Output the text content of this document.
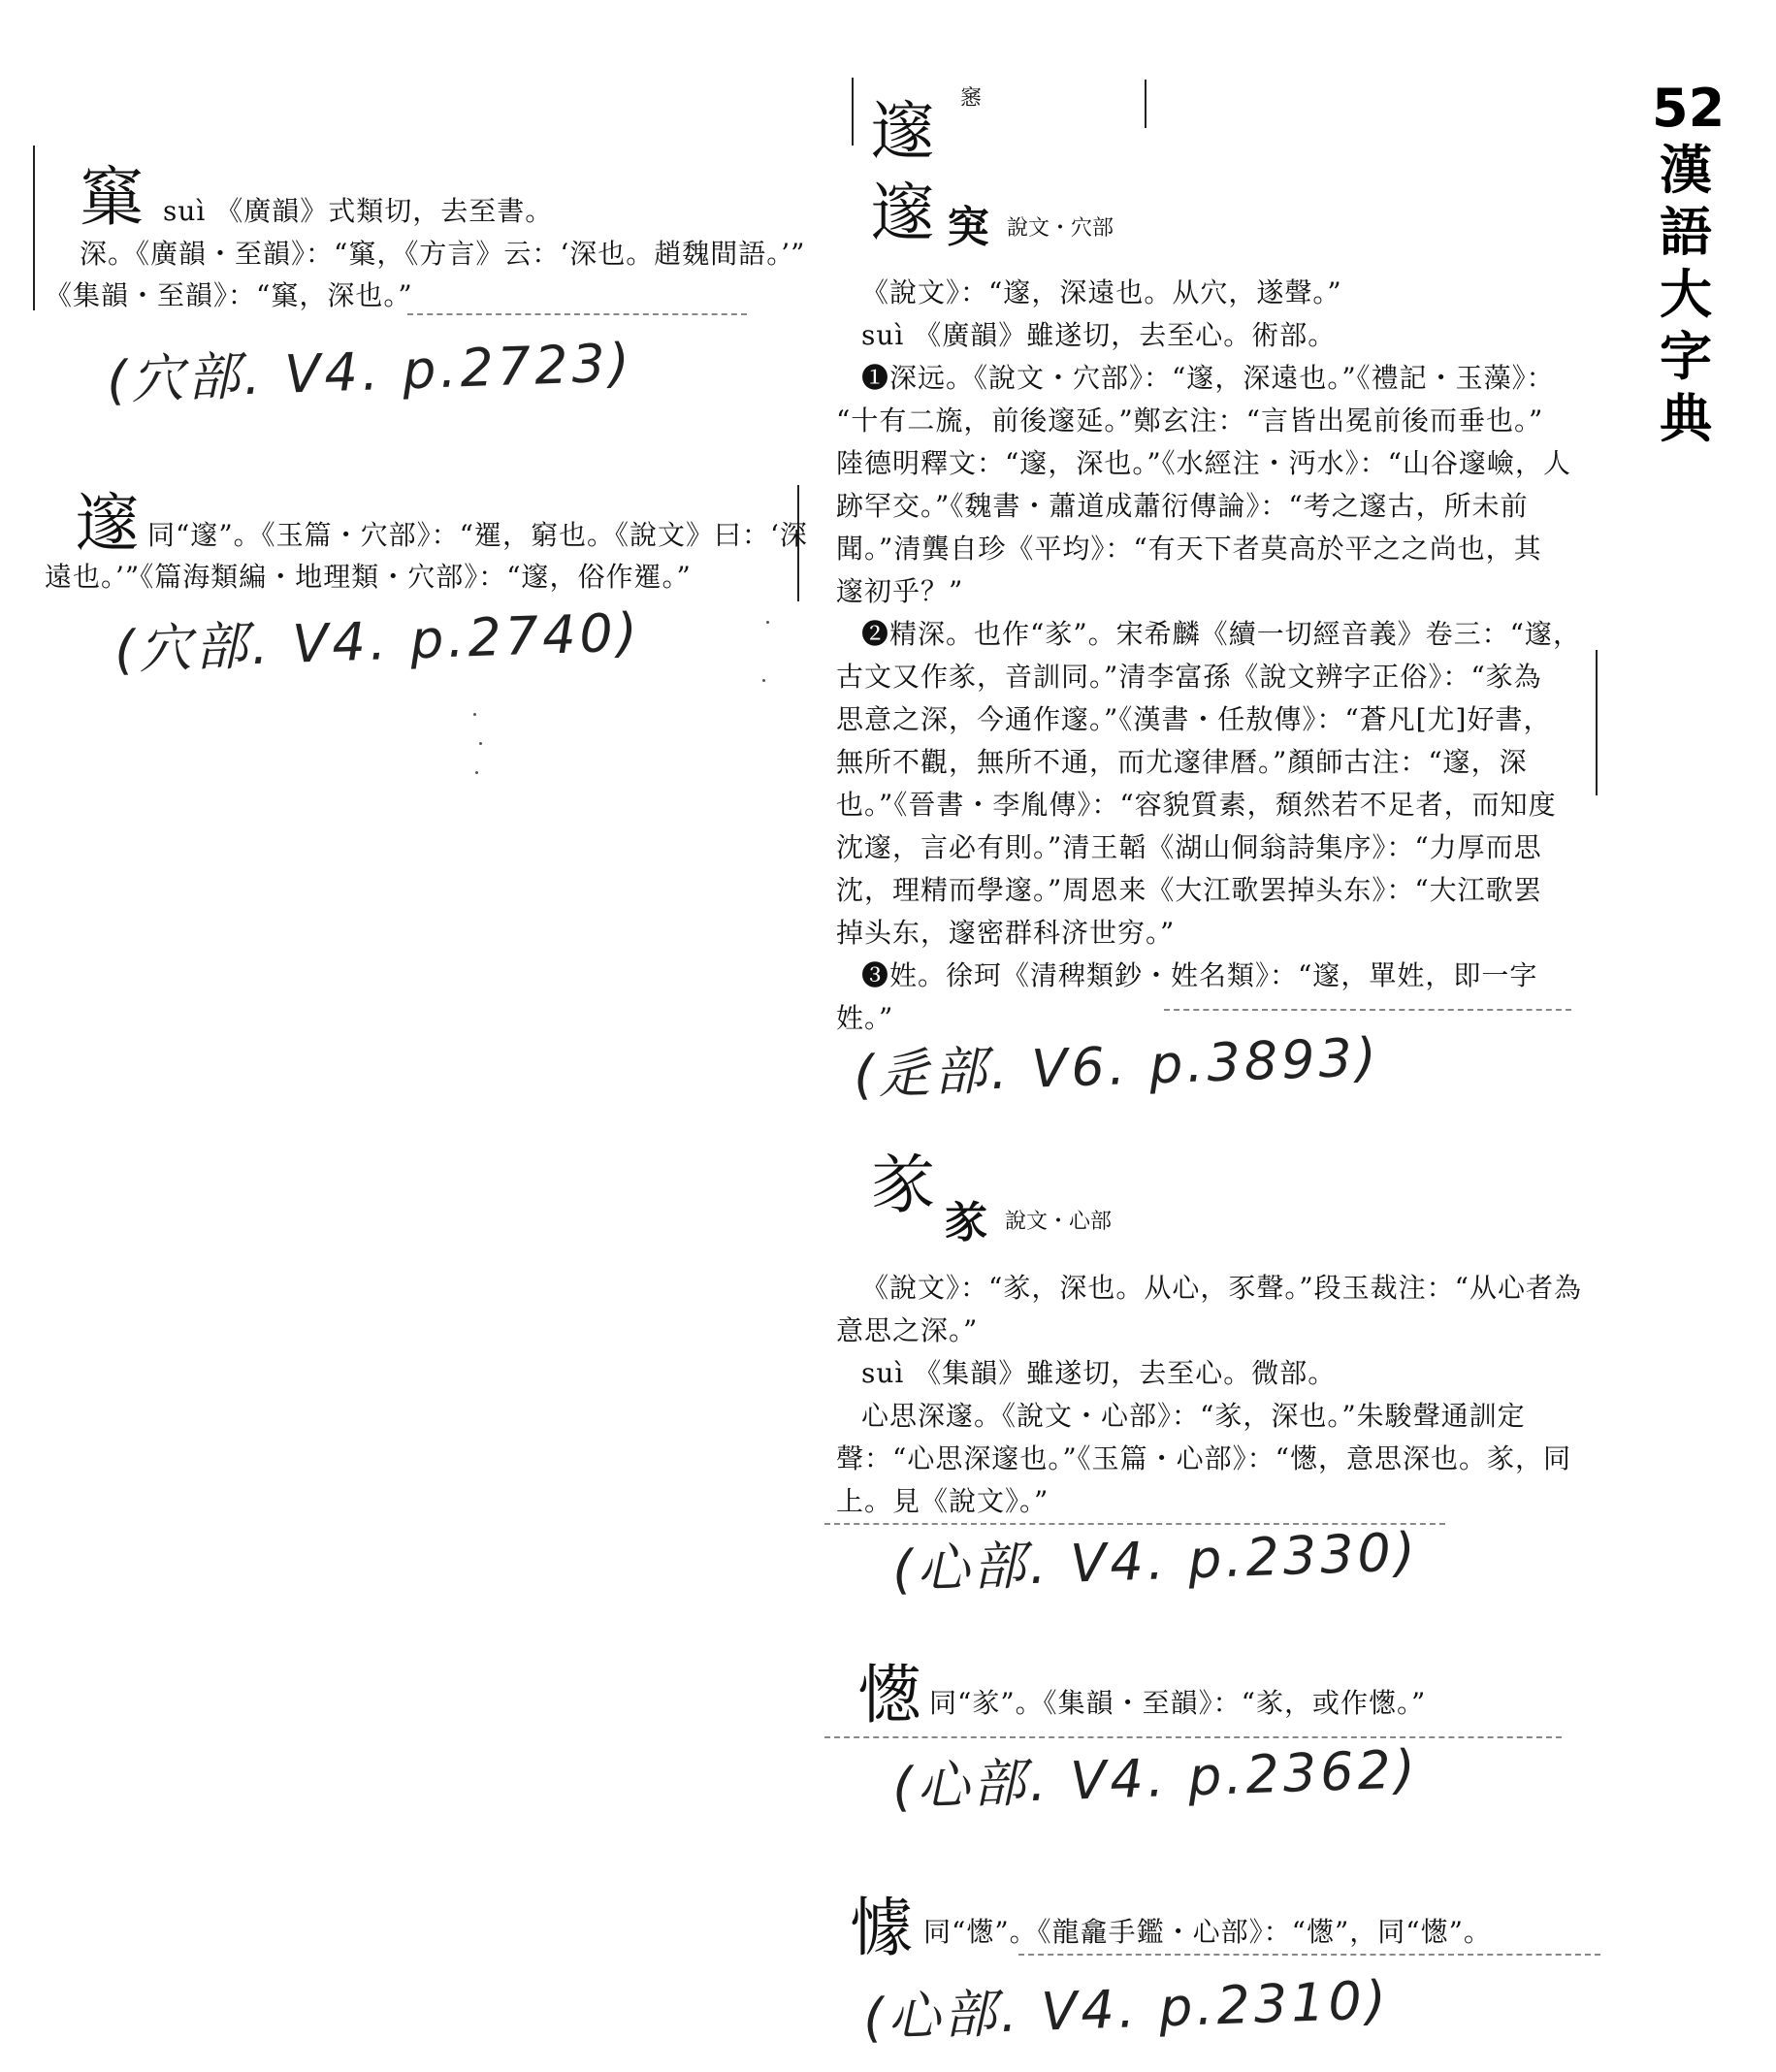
52
漢
語
大
字
典
窼 suì 《廣韻》式類切，去至書。
深。《廣韻・至韻》：“窼，《方言》云：‘深也。趙魏間語。’”
《集韻・至韻》：“窼，深也。”
(穴部. V4. p.2723)
邃 同“邃”。《玉篇・穴部》：“𨗴，窮也。《說文》曰：‘深
遠也。’”《篇海類編・地理類・穴部》：“邃，俗作𨗴。”
(穴部. V4. p.2740)
邃 窸
邃 䆕 說文・穴部
《說文》：“邃，深遠也。从穴，遂聲。”
suì 《廣韻》雖遂切，去至心。術部。
❶深远。《說文・穴部》：“邃，深遠也。”《禮記・玉藻》：
“十有二旒，前後邃延。”鄭玄注：“言皆出冕前後而垂也。”
陸德明釋文：“邃，深也。”《水經注・沔水》：“山谷邃嶮，人
跡罕交。”《魏書・蕭道成蕭衍傳論》：“考之邃古，所未前
聞。”清龔自珍《平均》：“有天下者莫高於平之之尚也，其
邃初乎？”
❷精深。也作“㒸”。宋希麟《續一切經音義》卷三：“邃，
古文又作㒸，音訓同。”清李富孫《說文辨字正俗》：“㒸為
思意之深，今通作邃。”《漢書・任敖傳》：“蒼凡[尤]好書，
無所不觀，無所不通，而尤邃律曆。”顏師古注：“邃，深
也。”《晉書・李胤傳》：“容貌質素，頹然若不足者，而知度
沈邃，言必有則。”清王韜《湖山侗翁詩集序》：“力厚而思
沈，理精而學邃。”周恩来《大江歌罢掉头东》：“大江歌罢
掉头东，邃密群科济世穷。”
❸姓。徐珂《清稗類鈔・姓名類》：“邃，單姓，即一字
姓。”
(辵部. V6. p.3893)
㒸
㒸 說文・心部
《說文》：“㒸，深也。从心，豕聲。”段玉裁注：“从心者為
意思之深。”
suì 《集韻》雖遂切，去至心。微部。
心思深邃。《說文・心部》：“㒸，深也。”朱駿聲通訓定
聲：“心思深邃也。”《玉篇・心部》：“憽，意思深也。㒸，同
上。見《說文》。”
(心部. V4. p.2330)
憽 同“㒸”。《集韻・至韻》：“㒸，或作憽。”
(心部. V4. p.2362)
懅 同“憽”。《龍龕手鑑・心部》：“憽”，同“憽”。
(心部. V4. p.2310)
